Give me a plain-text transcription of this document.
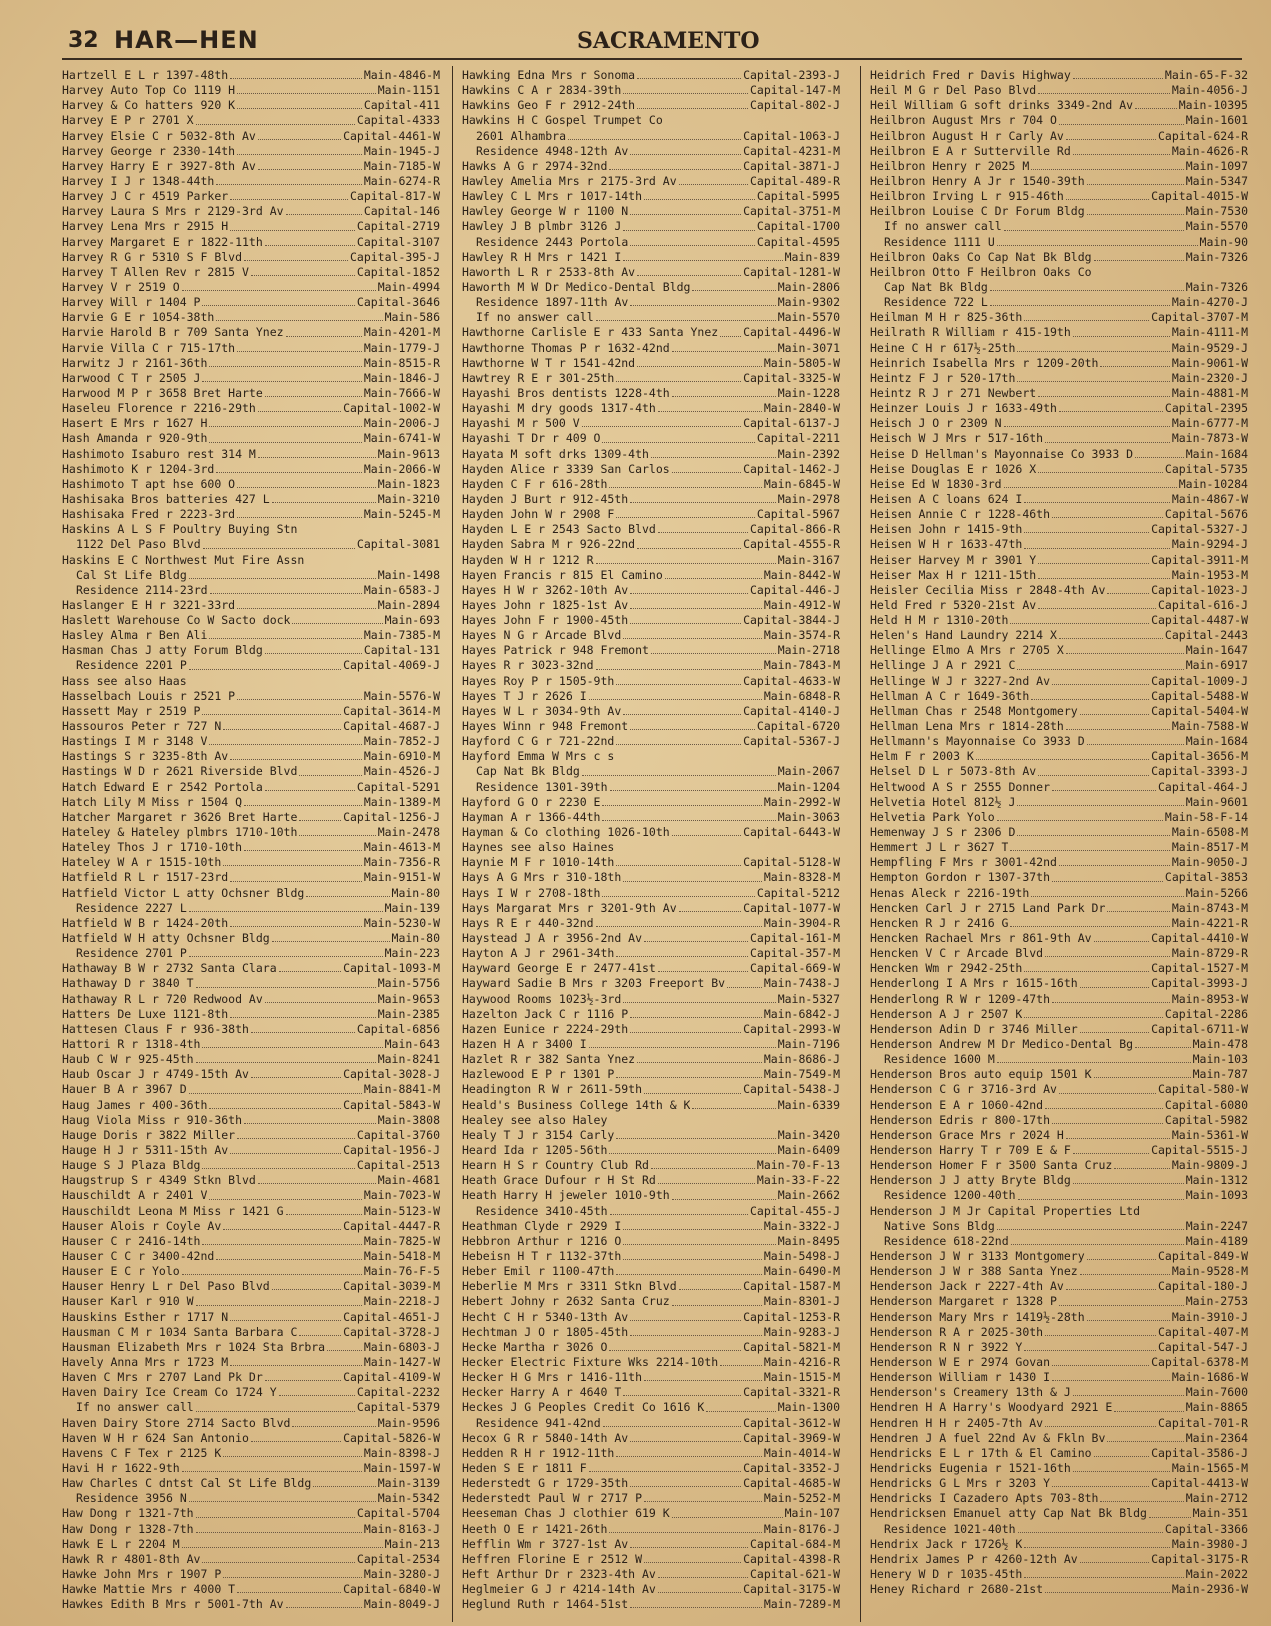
32 HAR—HEN	SACRAMENTO
Hartzell E L r 1397-48th	Main-4846-M
Harvey Auto Top Co 1119 H	Main-1151
Harvey & Co hatters 920 K	Capital-411
Harvey E P r 2701 X	Capital-4333
Harvey Elsie C r 5032-8th Av	Capital-4461-W
Harvey George r 2330-14th	Main-1945-J
Harvey Harry E r 3927-8th Av	Main-7185-W
Harvey I J r 1348-44th	Main-6274-R
Harvey J C r 4519 Parker	Capital-817-W
Harvey Laura S Mrs r 2129-3rd Av	Capital-146
Harvey Lena Mrs r 2915 H	Capital-2719
Harvey Margaret E r 1822-11th	Capital-3107
Harvey R G r 5310 S F Blvd	Capital-395-J
Harvey T Allen Rev r 2815 V	Capital-1852
Harvey V r 2519 O	Main-4994
Harvey Will r 1404 P	Capital-3646
Harvie G E r 1054-38th	Main-586
Harvie Harold B r 709 Santa Ynez	Main-4201-M
Harvie Villa C r 715-17th	Main-1779-J
Harwitz J r 2161-36th	Main-8515-R
Harwood C T r 2505 J	Main-1846-J
Harwood M P r 3658 Bret Harte	Main-7666-W
Haseleu Florence r 2216-29th	Capital-1002-W
Hasert E Mrs r 1627 H	Main-2006-J
Hash Amanda r 920-9th	Main-6741-W
Hashimoto Isaburo rest 314 M	Main-9613
Hashimoto K r 1204-3rd	Main-2066-W
Hashimoto T apt hse 600 O	Main-1823
Hashisaka Bros batteries 427 L	Main-3210
Hashisaka Fred r 2223-3rd	Main-5245-M
Haskins A L S F Poultry Buying Stn
1122 Del Paso Blvd	Capital-3081
Haskins E C Northwest Mut Fire Assn
Cal St Life Bldg	Main-1498
Residence 2114-23rd	Main-6583-J
Haslanger E H r 3221-33rd	Main-2894
Haslett Warehouse Co W Sacto dock	Main-693
Hasley Alma r Ben Ali	Main-7385-M
Hasman Chas J atty Forum Bldg	Capital-131
Residence 2201 P	Capital-4069-J
Hass see also Haas
Hasselbach Louis r 2521 P	Main-5576-W
Hassett May r 2519 P	Capital-3614-M
Hassouros Peter r 727 N	Capital-4687-J
Hastings I M r 3148 V	Main-7852-J
Hastings S r 3235-8th Av	Main-6910-M
Hastings W D r 2621 Riverside Blvd	Main-4526-J
Hatch Edward E r 2542 Portola	Capital-5291
Hatch Lily M Miss r 1504 Q	Main-1389-M
Hatcher Margaret r 3626 Bret Harte	Capital-1256-J
Hateley & Hateley plmbrs 1710-10th	Main-2478
Hateley Thos J r 1710-10th	Main-4613-M
Hateley W A r 1515-10th	Main-7356-R
Hatfield R L r 1517-23rd	Main-9151-W
Hatfield Victor L atty Ochsner Bldg	Main-80
Residence 2227 L	Main-139
Hatfield W B r 1424-20th	Main-5230-W
Hatfield W H atty Ochsner Bldg	Main-80
Residence 2701 P	Main-223
Hathaway B W r 2732 Santa Clara	Capital-1093-M
Hathaway D r 3840 T	Main-5756
Hathaway R L r 720 Redwood Av	Main-9653
Hatters De Luxe 1121-8th	Main-2385
Hattesen Claus F r 936-38th	Capital-6856
Hattori R r 1318-4th	Main-643
Haub C W r 925-45th	Main-8241
Haub Oscar J r 4749-15th Av	Capital-3028-J
Hauer B A r 3967 D	Main-8841-M
Haug James r 400-36th	Capital-5843-W
Haug Viola Miss r 910-36th	Main-3808
Hauge Doris r 3822 Miller	Capital-3760
Hauge H J r 5311-15th Av	Capital-1956-J
Hauge S J Plaza Bldg	Capital-2513
Haugstrup S r 4349 Stkn Blvd	Main-4681
Hauschildt A r 2401 V	Main-7023-W
Hauschildt Leona M Miss r 1421 G	Main-5123-W
Hauser Alois r Coyle Av	Capital-4447-R
Hauser C r 2416-14th	Main-7825-W
Hauser C C r 3400-42nd	Main-5418-M
Hauser E C r Yolo	Main-76-F-5
Hauser Henry L r Del Paso Blvd	Capital-3039-M
Hauser Karl r 910 W	Main-2218-J
Hauskins Esther r 1717 N	Capital-4651-J
Hausman C M r 1034 Santa Barbara C	Capital-3728-J
Hausman Elizabeth Mrs r 1024 Sta Brbra	Main-6803-J
Havely Anna Mrs r 1723 M	Main-1427-W
Haven C Mrs r 2707 Land Pk Dr	Capital-4109-W
Haven Dairy Ice Cream Co 1724 Y	Capital-2232
If no answer call	Capital-5379
Haven Dairy Store 2714 Sacto Blvd	Main-9596
Haven W H r 624 San Antonio	Capital-5826-W
Havens C F Tex r 2125 K	Main-8398-J
Havi H r 1622-9th	Main-1597-W
Haw Charles C dntst Cal St Life Bldg	Main-3139
Residence 3956 N	Main-5342
Haw Dong r 1321-7th	Capital-5704
Haw Dong r 1328-7th	Main-8163-J
Hawk E L r 2204 M	Main-213
Hawk R r 4801-8th Av	Capital-2534
Hawke John Mrs r 1907 P	Main-3280-J
Hawke Mattie Mrs r 4000 T	Capital-6840-W
Hawkes Edith B Mrs r 5001-7th Av	Main-8049-J
Hawking Edna Mrs r Sonoma	Capital-2393-J
Hawkins C A r 2834-39th	Capital-147-M
Hawkins Geo F r 2912-24th	Capital-802-J
Hawkins H C Gospel Trumpet Co
2601 Alhambra	Capital-1063-J
Residence 4948-12th Av	Capital-4231-M
Hawks A G r 2974-32nd	Capital-3871-J
Hawley Amelia Mrs r 2175-3rd Av	Capital-489-R
Hawley C L Mrs r 1017-14th	Capital-5995
Hawley George W r 1100 N	Capital-3751-M
Hawley J B plmbr 3126 J	Capital-1700
Residence 2443 Portola	Capital-4595
Hawley R H Mrs r 1421 I	Main-839
Haworth L R r 2533-8th Av	Capital-1281-W
Haworth M W Dr Medico-Dental Bldg	Main-2806
Residence 1897-11th Av	Main-9302
If no answer call	Main-5570
Hawthorne Carlisle E r 433 Santa Ynez Capital-4496-W
Hawthorne Thomas P r 1632-42nd	Main-3071
Hawthorne W T r 1541-42nd	Main-5805-W
Hawtrey R E r 301-25th	Capital-3325-W
Hayashi Bros dentists 1228-4th	Main-1228
Hayashi M dry goods 1317-4th	Main-2840-W
Hayashi M r 500 V	Capital-6137-J
Hayashi T Dr r 409 O	Capital-2211
Hayata M soft drks 1309-4th	Main-2392
Hayden Alice r 3339 San Carlos	Capital-1462-J
Hayden C F r 616-28th	Main-6845-W
Hayden J Burt r 912-45th	Main-2978
Hayden John W r 2908 F	Capital-5967
Hayden L E r 2543 Sacto Blvd	Capital-866-R
Hayden Sabra M r 926-22nd	Capital-4555-R
Hayden W H r 1212 R	Main-3167
Hayen Francis r 815 El Camino	Main-8442-W
Hayes H W r 3262-10th Av	Capital-446-J
Hayes John r 1825-1st Av	Main-4912-W
Hayes John F r 1900-45th	Capital-3844-J
Hayes N G r Arcade Blvd	Main-3574-R
Hayes Patrick r 948 Fremont	Main-2718
Hayes R r 3023-32nd	Main-7843-M
Hayes Roy P r 1505-9th	Capital-4633-W
Hayes T J r 2626 I	Main-6848-R
Hayes W L r 3034-9th Av	Capital-4140-J
Hayes Winn r 948 Fremont	Capital-6720
Hayford C G r 721-22nd	Capital-5367-J
Hayford Emma W Mrs c s
Cap Nat Bk Bldg	Main-2067
Residence 1301-39th	Main-1204
Hayford G O r 2230 E	Main-2992-W
Hayman A r 1366-44th	Main-3063
Hayman & Co clothing 1026-10th	Capital-6443-W
Haynes see also Haines
Haynie M F r 1010-14th	Capital-5128-W
Hays A G Mrs r 310-18th	Main-8328-M
Hays I W r 2708-18th	Capital-5212
Hays Margarat Mrs r 3201-9th Av	Capital-1077-W
Hays R E r 440-32nd	Main-3904-R
Haystead J A r 3956-2nd Av	Capital-161-M
Hayton A J r 2961-34th	Capital-357-M
Hayward George E r 2477-41st	Capital-669-W
Hayward Sadie B Mrs r 3203 Freeport Bv	Main-7438-J
Haywood Rooms 1023½-3rd	Main-5327
Hazelton Jack C r 1116 P	Main-6842-J
Hazen Eunice r 2224-29th	Capital-2993-W
Hazen H A r 3400 I	Main-7196
Hazlet R r 382 Santa Ynez	Main-8686-J
Hazlewood E P r 1301 P	Main-7549-M
Headington R W r 2611-59th	Capital-5438-J
Heald's Business College 14th & K	Main-6339
Healey see also Haley
Healy T J r 3154 Carly	Main-3420
Heard Ida r 1205-56th	Main-6409
Hearn H S r Country Club Rd	Main-70-F-13
Heath Grace Dufour r H St Rd	Main-33-F-22
Heath Harry H jeweler 1010-9th	Main-2662
Residence 3410-45th	Capital-455-J
Heathman Clyde r 2929 I	Main-3322-J
Hebbron Arthur r 1216 O	Main-8495
Hebeisn H T r 1132-37th	Main-5498-J
Heber Emil r 1100-47th	Main-6490-M
Heberlie M Mrs r 3311 Stkn Blvd	Capital-1587-M
Hebert Johny r 2632 Santa Cruz	Main-8301-J
Hecht C H r 5340-13th Av	Capital-1253-R
Hechtman J O r 1805-45th	Main-9283-J
Hecke Martha r 3026 O	Capital-5821-M
Hecker Electric Fixture Wks 2214-10th	Main-4216-R
Hecker H G Mrs r 1416-11th	Main-1515-M
Hecker Harry A r 4640 T	Capital-3321-R
Heckes J G Peoples Credit Co 1616 K	Main-1300
Residence 941-42nd	Capital-3612-W
Hecox G R r 5840-14th Av	Capital-3969-W
Hedden R H r 1912-11th	Main-4014-W
Heden S E r 1811 F	Capital-3352-J
Hederstedt G r 1729-35th	Capital-4685-W
Hederstedt Paul W r 2717 P	Main-5252-M
Heeseman Chas J clothier 619 K	Main-107
Heeth O E r 1421-26th	Main-8176-J
Hefflin Wm r 3727-1st Av	Capital-684-M
Heffren Florine E r 2512 W	Capital-4398-R
Heft Arthur Dr r 2323-4th Av	Capital-621-W
Heglmeier G J r 4214-14th Av	Capital-3175-W
Heglund Ruth r 1464-51st	Main-7289-M
Heidrich Fred r Davis Highway	Main-65-F-32
Heil M G r Del Paso Blvd	Main-4056-J
Heil William G soft drinks 3349-2nd Av	Main-10395
Heilbron August Mrs r 704 O	Main-1601
Heilbron August H r Carly Av	Capital-624-R
Heilbron E A r Sutterville Rd	Main-4626-R
Heilbron Henry r 2025 M	Main-1097
Heilbron Henry A Jr r 1540-39th	Main-5347
Heilbron Irving L r 915-46th	Capital-4015-W
Heilbron Louise C Dr Forum Bldg	Main-7530
If no answer call	Main-5570
Residence 1111 U	Main-90
Heilbron Oaks Co Cap Nat Bk Bldg	Main-7326
Heilbron Otto F Heilbron Oaks Co
Cap Nat Bk Bldg	Main-7326
Residence 722 L	Main-4270-J
Heilman M H r 825-36th	Capital-3707-M
Heilrath R William r 415-19th	Main-4111-M
Heine C H r 617½-25th	Main-9529-J
Heinrich Isabella Mrs r 1209-20th	Main-9061-W
Heintz F J r 520-17th	Main-2320-J
Heintz R J r 271 Newbert	Main-4881-M
Heinzer Louis J r 1633-49th	Capital-2395
Heisch J O r 2309 N	Main-6777-M
Heisch W J Mrs r 517-16th	Main-7873-W
Heise D Hellman's Mayonnaise Co 3933 D	Main-1684
Heise Douglas E r 1026 X	Capital-5735
Heise Ed W 1830-3rd	Main-10284
Heisen A C loans 624 I	Main-4867-W
Heisen Annie C r 1228-46th	Capital-5676
Heisen John r 1415-9th	Capital-5327-J
Heisen W H r 1633-47th	Main-9294-J
Heiser Harvey M r 3901 Y	Capital-3911-M
Heiser Max H r 1211-15th	Main-1953-M
Heisler Cecilia Miss r 2848-4th Av	Capital-1023-J
Held Fred r 5320-21st Av	Capital-616-J
Held H M r 1310-20th	Capital-4487-W
Helen's Hand Laundry 2214 X	Capital-2443
Hellinge Elmo A Mrs r 2705 X	Main-1647
Hellinge J A r 2921 C	Main-6917
Hellinge W J r 3227-2nd Av	Capital-1009-J
Hellman A C r 1649-36th	Capital-5488-W
Hellman Chas r 2548 Montgomery	Capital-5404-W
Hellman Lena Mrs r 1814-28th	Main-7588-W
Hellmann's Mayonnaise Co 3933 D	Main-1684
Helm F r 2003 K	Capital-3656-M
Helsel D L r 5073-8th Av	Capital-3393-J
Heltwood A S r 2555 Donner	Capital-464-J
Helvetia Hotel 812½ J	Main-9601
Helvetia Park Yolo	Main-58-F-14
Hemenway J S r 2306 D	Main-6508-M
Hemmert J L r 3627 T	Main-8517-M
Hempfling F Mrs r 3001-42nd	Main-9050-J
Hempton Gordon r 1307-37th	Capital-3853
Henas Aleck r 2216-19th	Main-5266
Hencken Carl J r 2715 Land Park Dr	Main-8743-M
Hencken R J r 2416 G	Main-4221-R
Hencken Rachael Mrs r 861-9th Av	Capital-4410-W
Hencken V C r Arcade Blvd	Main-8729-R
Hencken Wm r 2942-25th	Capital-1527-M
Henderlong I A Mrs r 1615-16th	Capital-3993-J
Henderlong R W r 1209-47th	Main-8953-W
Henderson A J r 2507 K	Capital-2286
Henderson Adin D r 3746 Miller	Capital-6711-W
Henderson Andrew M Dr Medico-Dental Bg	Main-478
Residence 1600 M	Main-103
Henderson Bros auto equip 1501 K	Main-787
Henderson C G r 3716-3rd Av	Capital-580-W
Henderson E A r 1060-42nd	Capital-6080
Henderson Edris r 800-17th	Capital-5982
Henderson Grace Mrs r 2024 H	Main-5361-W
Henderson Harry T r 709 E & F	Capital-5515-J
Henderson Homer F r 3500 Santa Cruz	Main-9809-J
Henderson J J atty Bryte Bldg	Main-1312
Residence 1200-40th	Main-1093
Henderson J M Jr Capital Properties Ltd
Native Sons Bldg	Main-2247
Residence 618-22nd	Main-4189
Henderson J W r 3133 Montgomery	Capital-849-W
Henderson J W r 388 Santa Ynez	Main-9528-M
Henderson Jack r 2227-4th Av	Capital-180-J
Henderson Margaret r 1328 P	Main-2753
Henderson Mary Mrs r 1419½-28th	Main-3910-J
Henderson R A r 2025-30th	Capital-407-M
Henderson R N r 3922 Y	Capital-547-J
Henderson W E r 2974 Govan	Capital-6378-M
Henderson William r 1430 I	Main-1686-W
Henderson's Creamery 13th & J	Main-7600
Hendren H A Harry's Woodyard 2921 E	Main-8865
Hendren H H r 2405-7th Av	Capital-701-R
Hendren J A fuel 22nd Av & Fkln Bv	Main-2364
Hendricks E L r 17th & El Camino	Capital-3586-J
Hendricks Eugenia r 1521-16th	Main-1565-M
Hendricks G L Mrs r 3203 Y	Capital-4413-W
Hendricks I Cazadero Apts 703-8th	Main-2712
Hendricksen Emanuel atty Cap Nat Bk Bldg	Main-351
Residence 1021-40th	Capital-3366
Hendrix Jack r 1726½ K	Main-3980-J
Hendrix James P r 4260-12th Av	Capital-3175-R
Henery W D r 1035-45th	Main-2022
Heney Richard r 2680-21st	Main-2936-W
